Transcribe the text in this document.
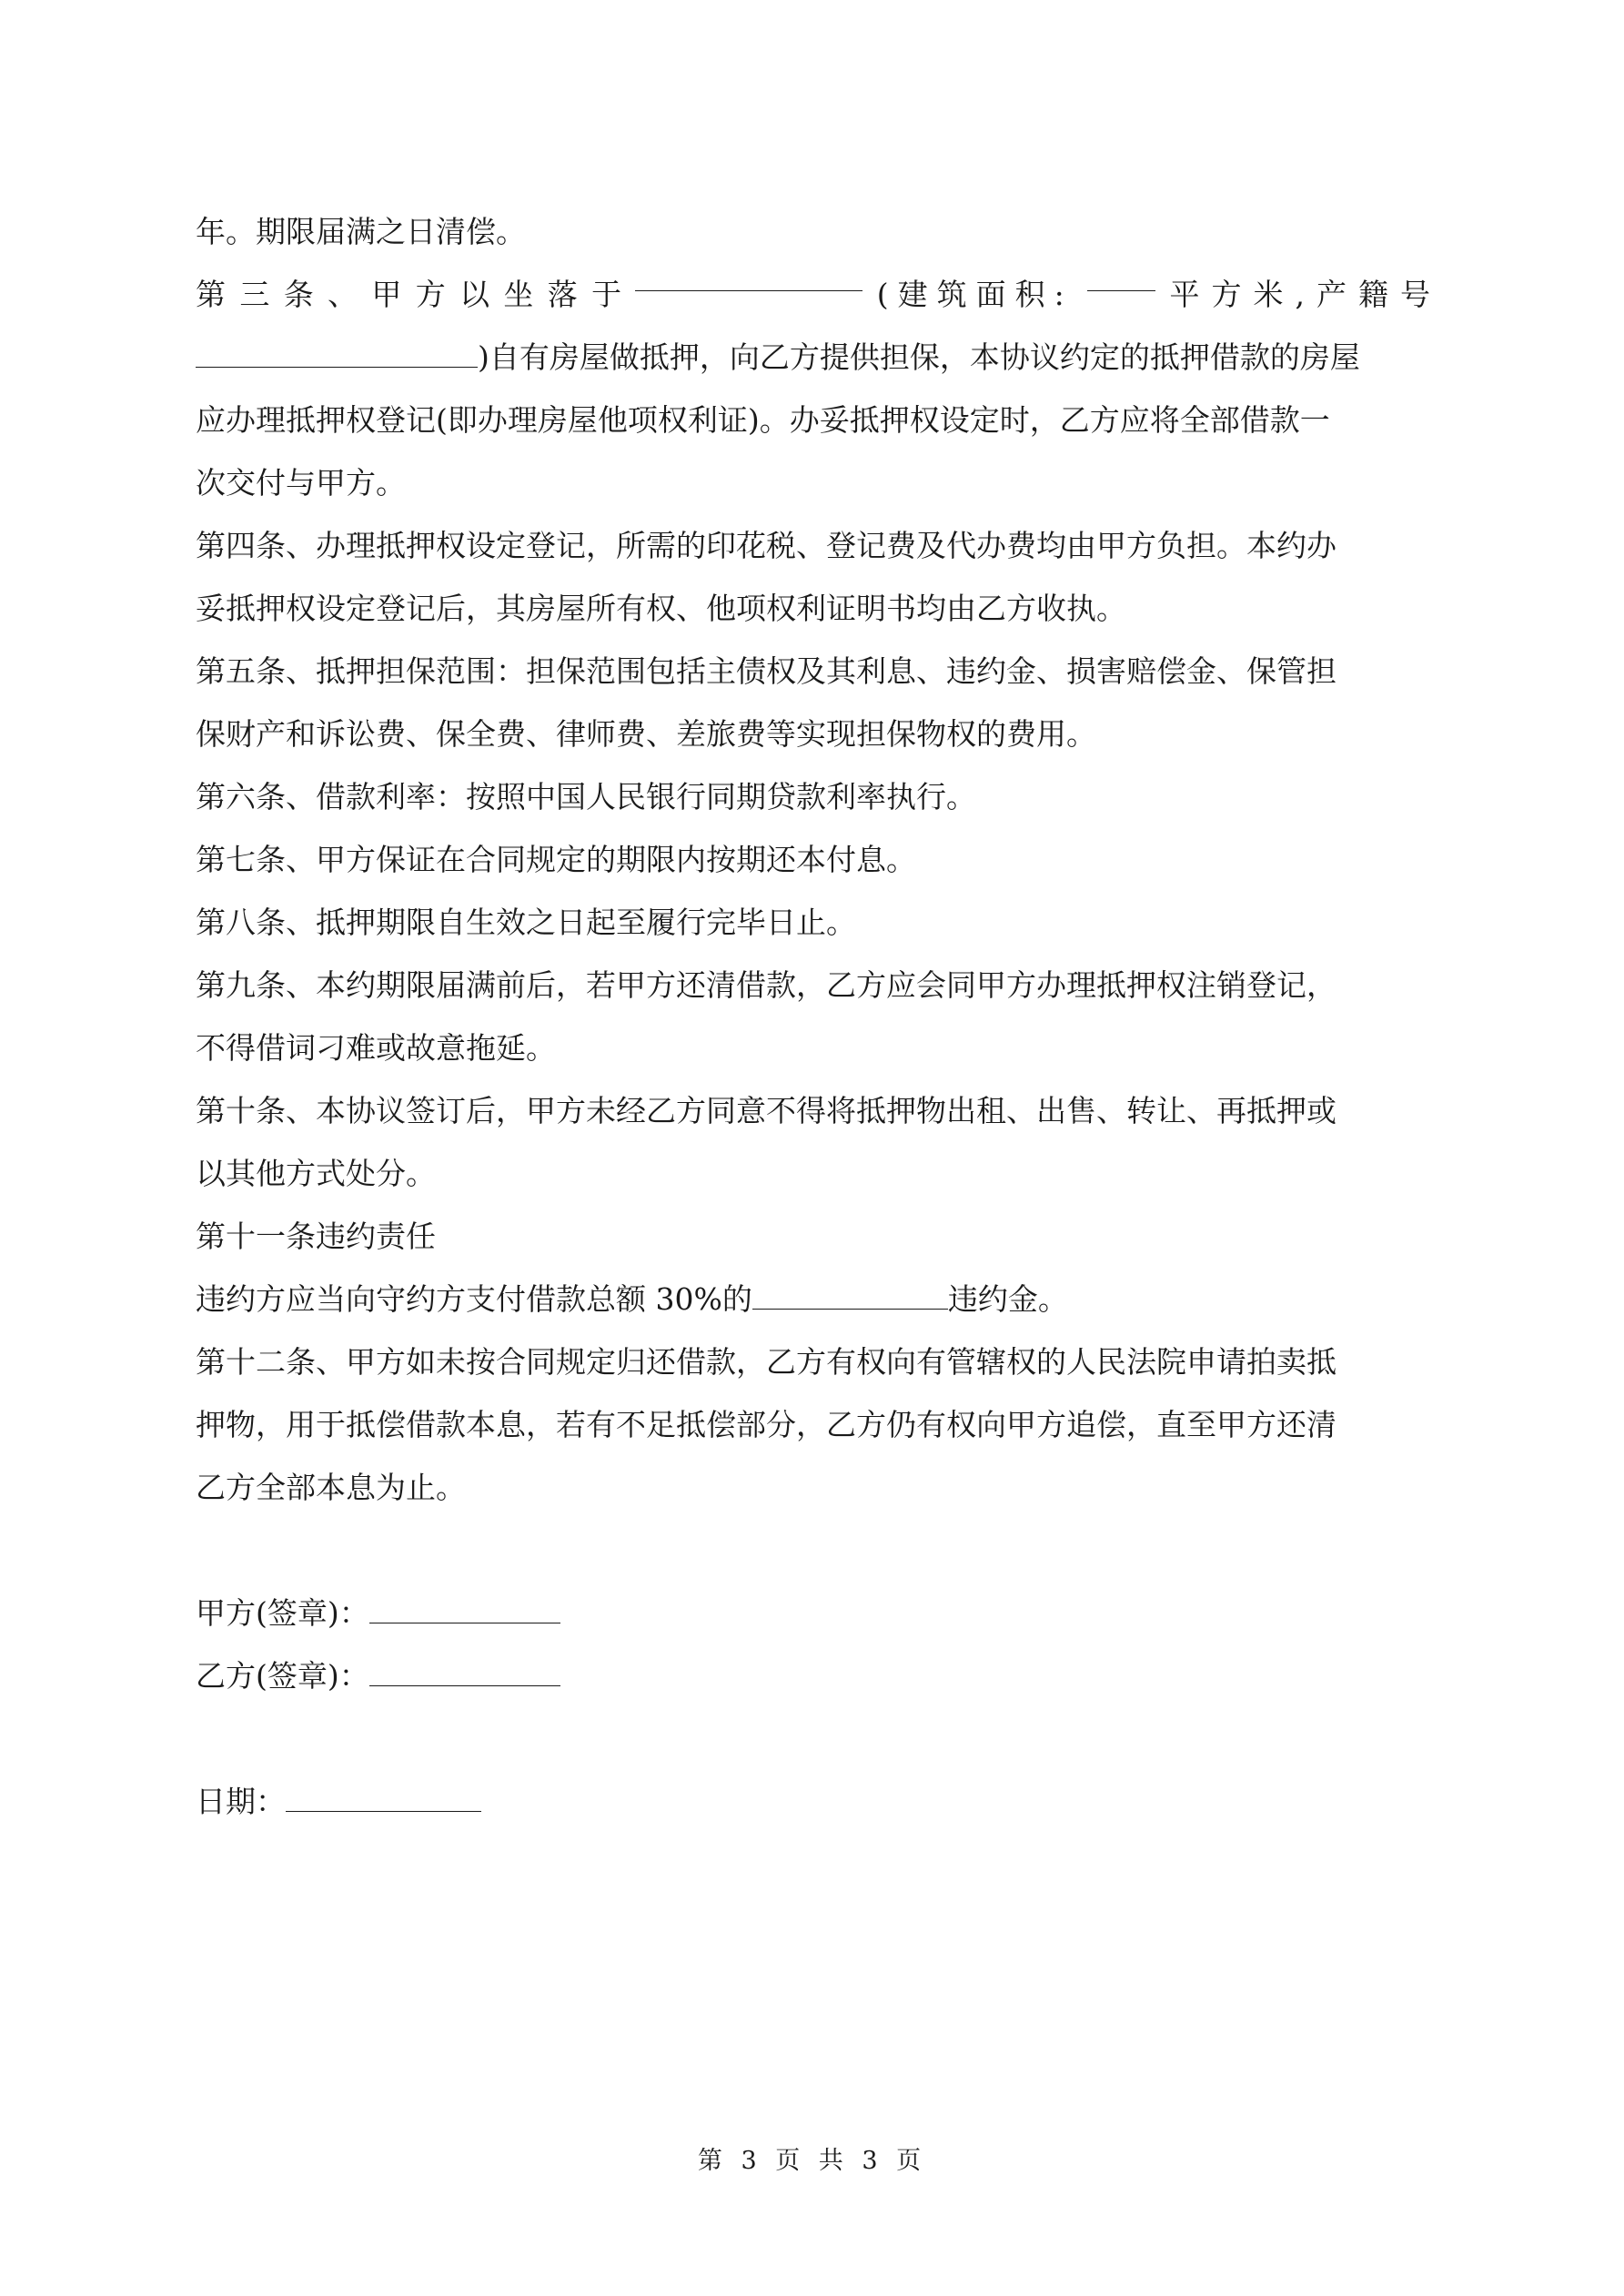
年。期限届满之日清偿。
第 三 条 、 甲 方 以 坐 落 于	(建筑面积:	平方米,产籍号
)自有房屋做抵押，向乙方提供担保，本协议约定的抵押借款的房屋
应办理抵押权登记(即办理房屋他项权利证)。办妥抵押权设定时，乙方应将全部借款一
次交付与甲方。
第四条、办理抵押权设定登记，所需的印花税、登记费及代办费均由甲方负担。本约办
妥抵押权设定登记后，其房屋所有权、他项权利证明书均由乙方收执。
第五条、抵押担保范围：担保范围包括主债权及其利息、违约金、损害赔偿金、保管担
保财产和诉讼费、保全费、律师费、差旅费等实现担保物权的费用。
第六条、借款利率：按照中国人民银行同期贷款利率执行。
第七条、甲方保证在合同规定的期限内按期还本付息。
第八条、抵押期限自生效之日起至履行完毕日止。
第九条、本约期限届满前后，若甲方还清借款，乙方应会同甲方办理抵押权注销登记，
不得借词刁难或故意拖延。
第十条、本协议签订后，甲方未经乙方同意不得将抵押物出租、出售、转让、再抵押或
以其他方式处分。
第十一条违约责任
违约方应当向守约方支付借款总额 30%的	违约金。
第十二条、甲方如未按合同规定归还借款，乙方有权向有管辖权的人民法院申请拍卖抵
押物，用于抵偿借款本息，若有不足抵偿部分，乙方仍有权向甲方追偿，直至甲方还清
乙方全部本息为止。
甲方(签章)：
乙方(签章)：
日期：
第 3 页 共 3 页
